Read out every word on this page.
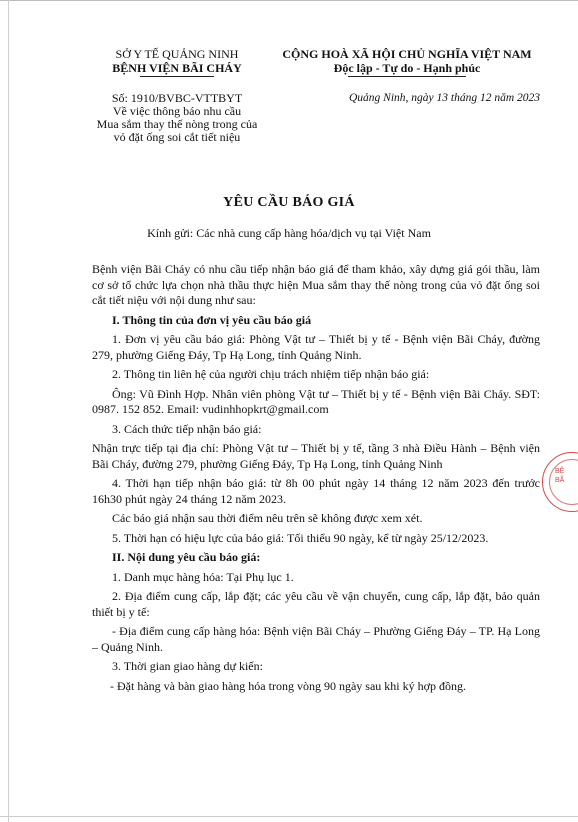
SỞ Y TẾ QUẢNG NINH
BỆNH VIỆN BÃI CHÁY
CỘNG HOÀ XÃ HỘI CHỦ NGHĨA VIỆT NAM
Độc lập - Tự do - Hạnh phúc
Số: 1910/BVBC-VTTBYT
Về việc thông báo nhu cầu
Mua sắm thay thế nòng trong của
vỏ đặt ống soi cắt tiết niệu
Quảng Ninh, ngày 13 tháng 12 năm 2023
YÊU CẦU BÁO GIÁ
Kính gửi: Các nhà cung cấp hàng hóa/dịch vụ tại Việt Nam

Bệnh viện Bãi Cháy có nhu cầu tiếp nhận báo giá để tham khảo, xây dựng giá gói thầu, làm cơ sở tổ chức lựa chọn nhà thầu thực hiện Mua sắm thay thế nòng trong của vỏ đặt ống soi cắt tiết niệu với nội dung như sau:

I. Thông tin của đơn vị yêu cầu báo giá

1. Đơn vị yêu cầu báo giá: Phòng Vật tư – Thiết bị y tế - Bệnh viện Bãi Cháy, đường 279, phường Giếng Đáy, Tp Hạ Long, tỉnh Quảng Ninh.

2. Thông tin liên hệ của người chịu trách nhiệm tiếp nhận báo giá:

Ông: Vũ Đình Hợp. Nhân viên phòng Vật tư – Thiết bị y tế - Bệnh viện Bãi Cháy. SĐT: 0987. 152 852. Email: vudinhhopkrt@gmail.com

3. Cách thức tiếp nhận báo giá:

Nhận trực tiếp tại địa chỉ: Phòng Vật tư – Thiết bị y tế, tầng 3 nhà Điều Hành – Bệnh viện Bãi Cháy, đường 279, phường Giếng Đáy, Tp Hạ Long, tỉnh Quảng Ninh

4. Thời hạn tiếp nhận báo giá: từ 8h 00 phút ngày 14 tháng 12 năm 2023 đến trước 16h30 phút ngày 24 tháng 12 năm 2023.

Các báo giá nhận sau thời điểm nêu trên sẽ không được xem xét.

5. Thời hạn có hiệu lực của báo giá: Tối thiểu 90 ngày, kể từ ngày 25/12/2023.

II. Nội dung yêu cầu báo giá:

1. Danh mục hàng hóa: Tại Phụ lục 1.

2. Địa điểm cung cấp, lắp đặt; các yêu cầu về vận chuyển, cung cấp, lắp đặt, bảo quản thiết bị y tế:

- Địa điểm cung cấp hàng hóa: Bệnh viện Bãi Cháy – Phường Giếng Đáy – TP. Hạ Long – Quảng Ninh.

3. Thời gian giao hàng dự kiến:

- Đặt hàng và bàn giao hàng hóa trong vòng 90 ngày sau khi ký hợp đồng.

BỆ
BÃ
